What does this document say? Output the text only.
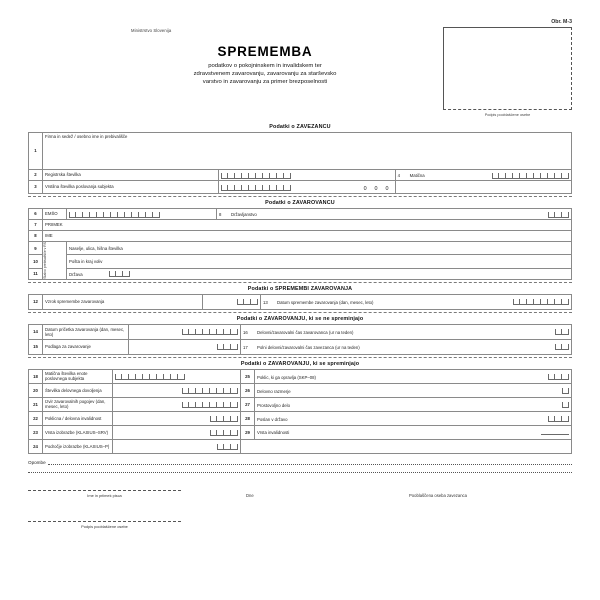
Ministrstvo Slovenija
Obr. M-3
SPREMEMBA
podatkov o pokojninskem in invalidskem ter
zdravstvenem zavarovanju, zavarovanju za starševsko
varstvo in zavarovanju za primer brezposelnosti
Podpis pooblaščene osebe
Podatki o ZAVEZANCU
1	Firma in sedež / osebno ime in prebivališče		
2	Registrska številka		4 Matična

3	Vrstilna številka poslovanja subjekta	0 0 0	

Podatki o ZAVAROVANCU
6	EMŠO		8 Državljanstvo

7	PRIIMEK		
8	IME		
9	Stalno prebivališče v RS	Naselje, ulica, hišna številka	
10		Pošta in kraj voliv	
11		Država	
Podatki o SPREMEMBI ZAVAROVANJA
12	Vzrok spremembe zavarovanja		13	Datum spremembe zavarovanja (dan, mesec, leto)
Podatki o ZAVAROVANJU, ki se ne spreminjajo
14	Datum pričetka zavarovanja (dan, mesec, leto)		16 Delovni/zavarovalni čas zavarovanca (ur na teden)

15	Podlaga za zavarovanje		17 Polni delovni/zavarovalni čas zavezanca (ur na teden)
Podatki o ZAVAROVANJU, ki se spreminjajo
18	Matična številka enote poslovnega subjekta		25	Poklic, ki ga opravlja (SKP–08)

20	Številka delovnega dovoljenja		26	Delovno razmerje

21	Izvir zavarovalnih pogojev (dan, mesec, leto)		27	Prostovoljno delo

22	Poklicna / delovna invalidnost		28	Poslan v državo

23	Vrsta izobrazbe (KLASIUS–SRV)		29	Vrsta invalidnosti

24	Področje izobrazbe (KLASIUS–P)		

Opombe
Ime in priimek pisca	Dne	Pooblaščena oseba zavezanca
Podpis pooblaščene osebe
